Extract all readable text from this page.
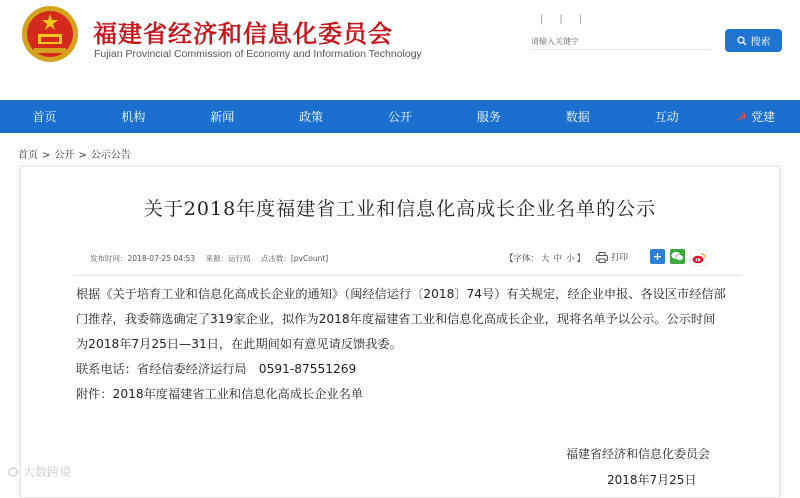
福建省经济和信息化委员会
Fujian Provincial Commission of Economy and Information Technology
|||
请输入关键字
搜索
首页	机构	新闻	政策	公开	服务	数据	互动	☭ 党建
首页 > 公开 > 公示公告
关于2018年度福建省工业和信息化高成长企业名单的公示
发布时间：2018-07-25 04:53 来源：运行局 点击数：[pvCount]	【字体： 大 中 小 】	打印 +

根据《关于培育工业和信息化高成长企业的通知》（闽经信运行〔2018〕74号）有关规定，经企业申报、各设区市经信部门推荐，我委筛选确定了319家企业，拟作为2018年度福建省工业和信息化高成长企业，现将名单予以公示。公示时间为2018年7月25日—31日，在此期间如有意见请反馈我委。

联系电话：省经信委经济运行局　0591-87551269

附件：2018年度福建省工业和信息化高成长企业名单

福建省经济和信息化委员会
2018年7月25日
大数跨境
